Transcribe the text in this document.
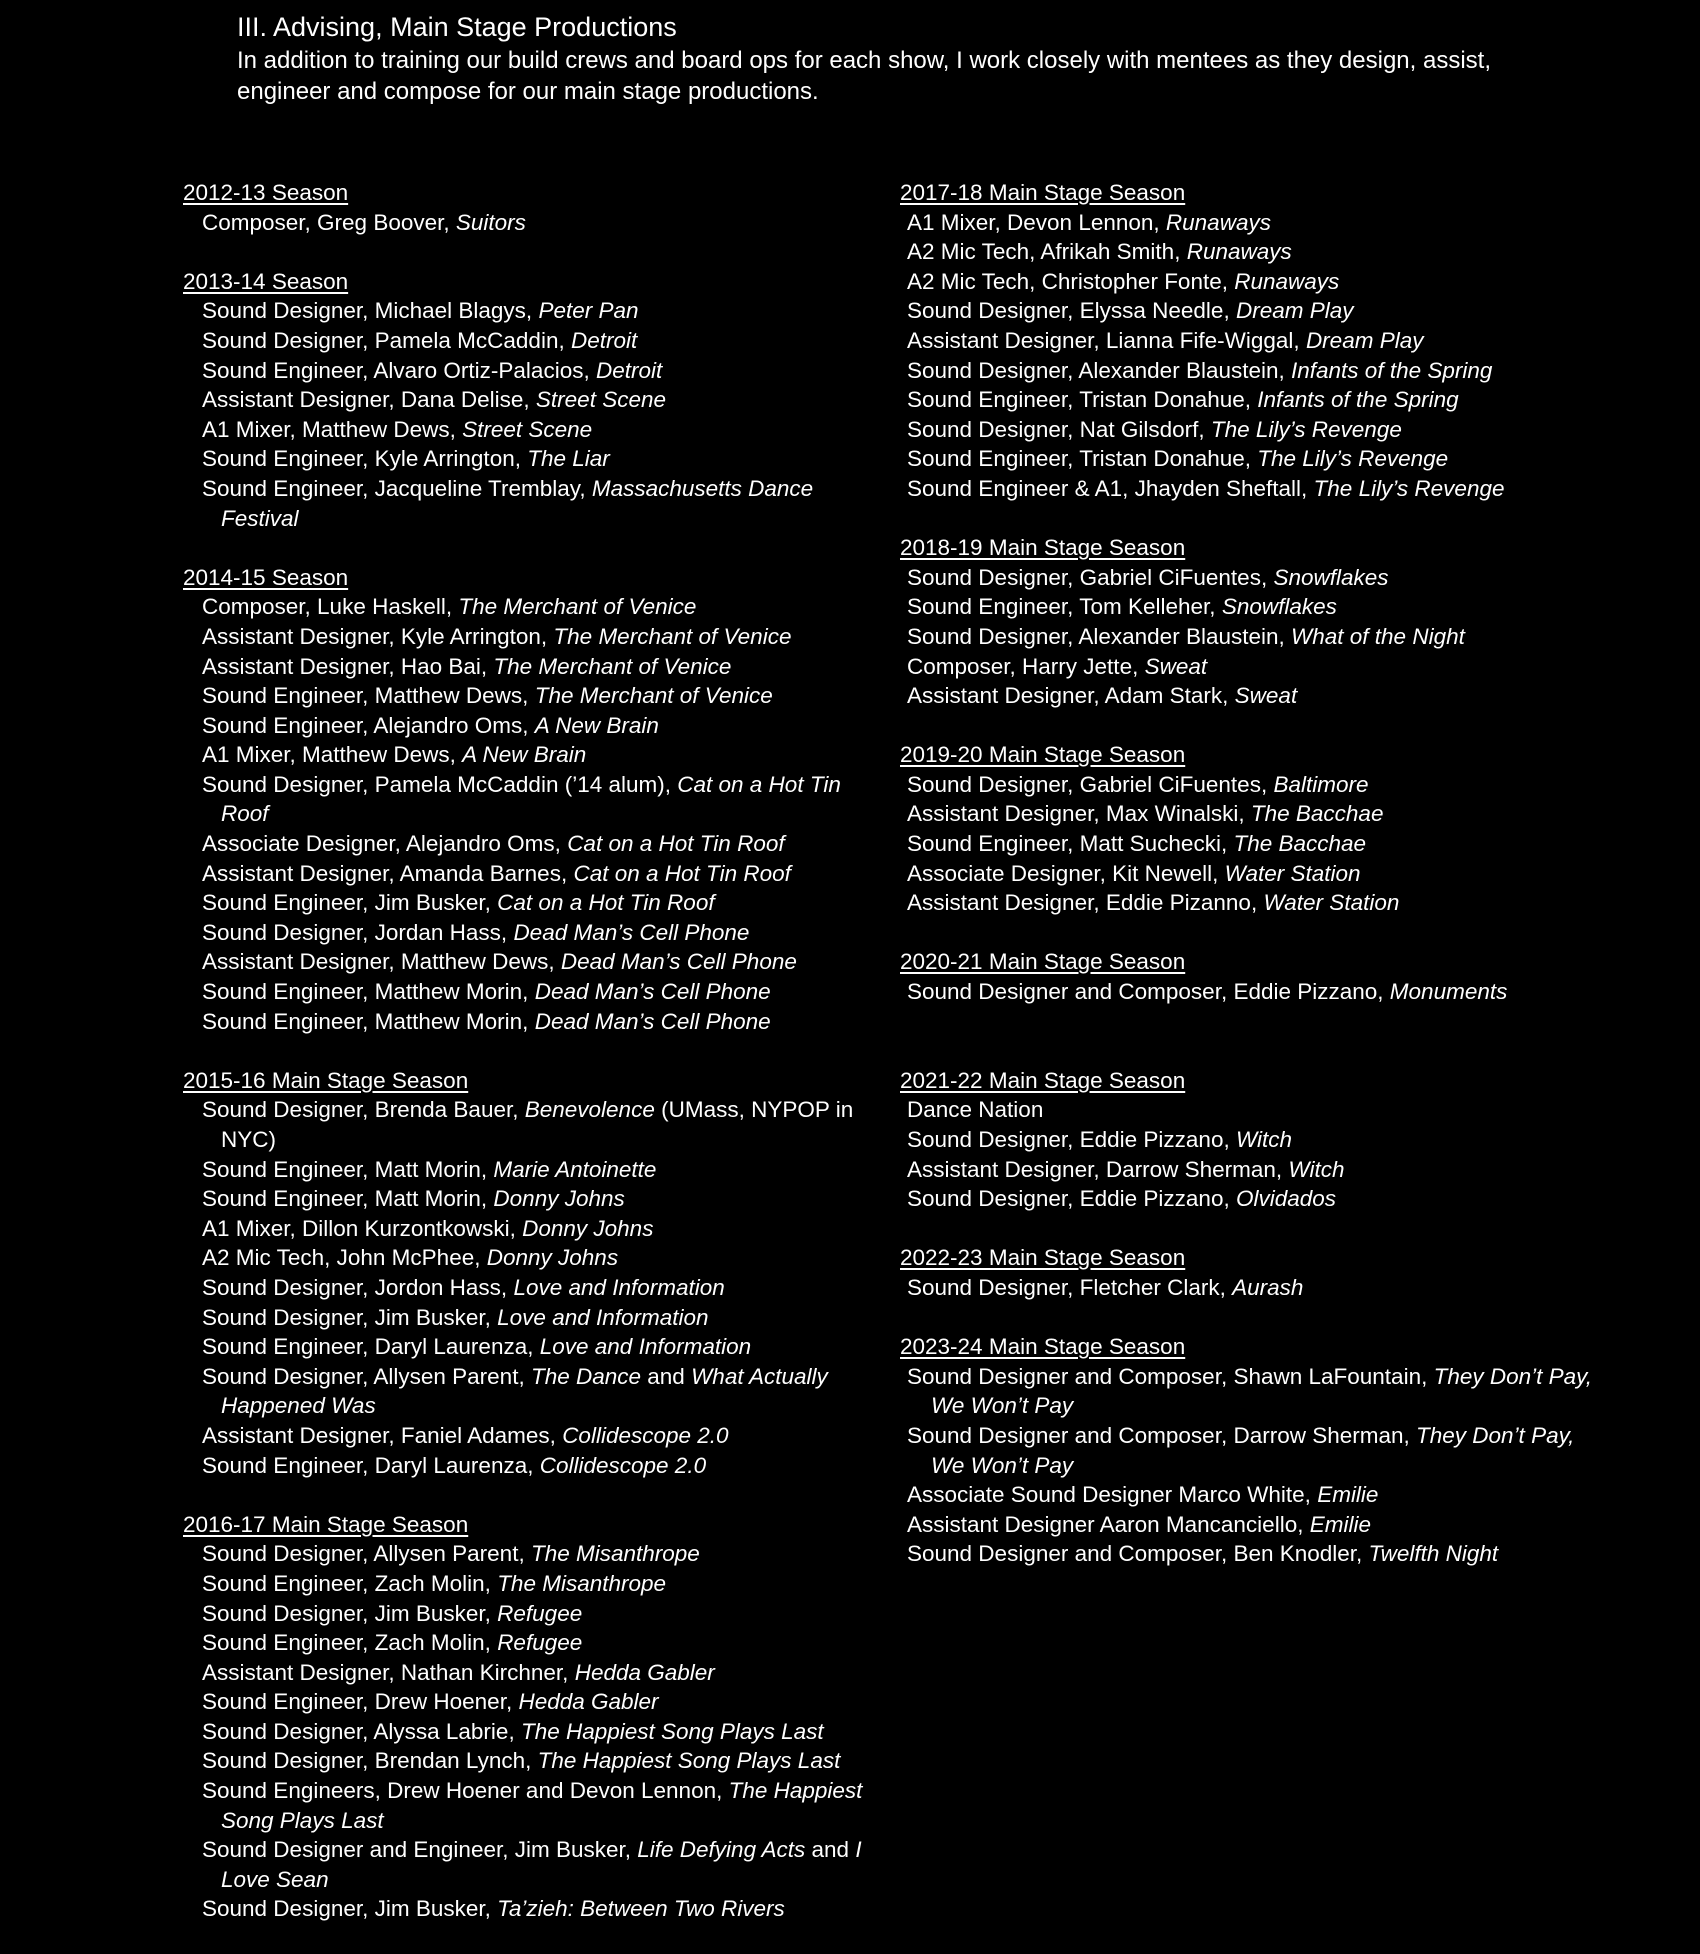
III. Advising, Main Stage Productions

In addition to training our build crews and board ops for each show, I work closely with mentees as they design, assist, engineer and compose for our main stage productions.

2012-13 Season
Composer, Greg Boover, Suitors
2013-14 Season
Sound Designer, Michael Blagys, Peter Pan
Sound Designer, Pamela McCaddin, Detroit
Sound Engineer, Alvaro Ortiz-Palacios, Detroit
Assistant Designer, Dana Delise, Street Scene
A1 Mixer, Matthew Dews, Street Scene
Sound Engineer, Kyle Arrington, The Liar
Sound Engineer, Jacqueline Tremblay, Massachusetts Dance Festival
2014-15 Season
Composer, Luke Haskell, The Merchant of Venice
Assistant Designer, Kyle Arrington, The Merchant of Venice
Assistant Designer, Hao Bai, The Merchant of Venice
Sound Engineer, Matthew Dews, The Merchant of Venice
Sound Engineer, Alejandro Oms, A New Brain
A1 Mixer, Matthew Dews, A New Brain
Sound Designer, Pamela McCaddin (’14 alum), Cat on a Hot Tin Roof
Associate Designer, Alejandro Oms, Cat on a Hot Tin Roof
Assistant Designer, Amanda Barnes, Cat on a Hot Tin Roof
Sound Engineer, Jim Busker, Cat on a Hot Tin Roof
Sound Designer, Jordan Hass, Dead Man’s Cell Phone
Assistant Designer, Matthew Dews, Dead Man’s Cell Phone
Sound Engineer, Matthew Morin, Dead Man’s Cell Phone
Sound Engineer, Matthew Morin, Dead Man’s Cell Phone
2015-16 Main Stage Season
Sound Designer, Brenda Bauer, Benevolence (UMass, NYPOP in NYC)
Sound Engineer, Matt Morin, Marie Antoinette
Sound Engineer, Matt Morin, Donny Johns
A1 Mixer, Dillon Kurzontkowski, Donny Johns
A2 Mic Tech, John McPhee, Donny Johns
Sound Designer, Jordon Hass, Love and Information
Sound Designer, Jim Busker, Love and Information
Sound Engineer, Daryl Laurenza, Love and Information
Sound Designer, Allysen Parent, The Dance and What Actually Happened Was
Assistant Designer, Faniel Adames, Collidescope 2.0
Sound Engineer, Daryl Laurenza, Collidescope 2.0
2016-17 Main Stage Season
Sound Designer, Allysen Parent, The Misanthrope
Sound Engineer, Zach Molin, The Misanthrope
Sound Designer, Jim Busker, Refugee
Sound Engineer, Zach Molin, Refugee
Assistant Designer, Nathan Kirchner, Hedda Gabler
Sound Engineer, Drew Hoener, Hedda Gabler
Sound Designer, Alyssa Labrie, The Happiest Song Plays Last
Sound Designer, Brendan Lynch, The Happiest Song Plays Last
Sound Engineers, Drew Hoener and Devon Lennon, The Happiest Song Plays Last
Sound Designer and Engineer, Jim Busker, Life Defying Acts and I Love Sean
Sound Designer, Jim Busker, Ta’zieh: Between Two Rivers
2017-18 Main Stage Season
A1 Mixer, Devon Lennon, Runaways
A2 Mic Tech, Afrikah Smith, Runaways
A2 Mic Tech, Christopher Fonte, Runaways
Sound Designer, Elyssa Needle, Dream Play
Assistant Designer, Lianna Fife-Wiggal, Dream Play
Sound Designer, Alexander Blaustein, Infants of the Spring
Sound Engineer, Tristan Donahue, Infants of the Spring
Sound Designer, Nat Gilsdorf, The Lily’s Revenge
Sound Engineer, Tristan Donahue, The Lily’s Revenge
Sound Engineer & A1, Jhayden Sheftall, The Lily’s Revenge
2018-19 Main Stage Season
Sound Designer, Gabriel CiFuentes, Snowflakes
Sound Engineer, Tom Kelleher, Snowflakes
Sound Designer, Alexander Blaustein, What of the Night
Composer, Harry Jette, Sweat
Assistant Designer, Adam Stark, Sweat
2019-20 Main Stage Season
Sound Designer, Gabriel CiFuentes, Baltimore
Assistant Designer, Max Winalski, The Bacchae
Sound Engineer, Matt Suchecki, The Bacchae
Associate Designer, Kit Newell, Water Station
Assistant Designer, Eddie Pizanno, Water Station
2020-21 Main Stage Season
Sound Designer and Composer, Eddie Pizzano, Monuments
2021-22 Main Stage Season
Dance Nation
Sound Designer, Eddie Pizzano, Witch
Assistant Designer, Darrow Sherman, Witch
Sound Designer, Eddie Pizzano, Olvidados
2022-23 Main Stage Season
Sound Designer, Fletcher Clark, Aurash
2023-24 Main Stage Season
Sound Designer and Composer, Shawn LaFountain, They Don’t Pay, We Won’t Pay
Sound Designer and Composer, Darrow Sherman, They Don’t Pay, We Won’t Pay
Associate Sound Designer Marco White, Emilie
Assistant Designer Aaron Mancanciello, Emilie
Sound Designer and Composer, Ben Knodler, Twelfth Night
